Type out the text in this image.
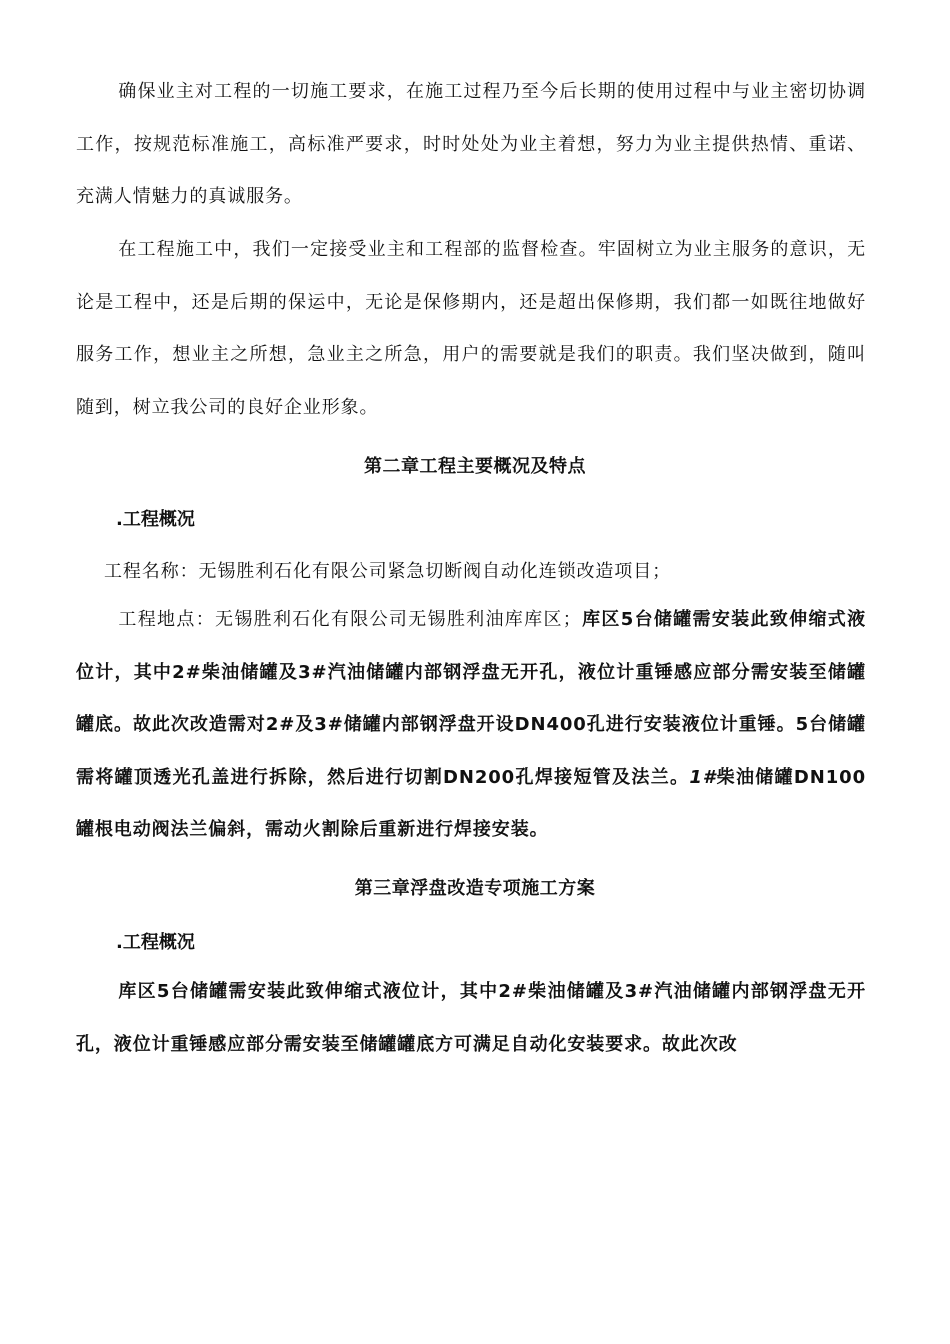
确保业主对工程的一切施工要求，在施工过程乃至今后长期的使用过程中与业主密切协调工作，按规范标准施工，高标准严要求，时时处处为业主着想，努力为业主提供热情、重诺、充满人情魅力的真诚服务。

在工程施工中，我们一定接受业主和工程部的监督检查。牢固树立为业主服务的意识，无论是工程中，还是后期的保运中，无论是保修期内，还是超出保修期，我们都一如既往地做好服务工作，想业主之所想，急业主之所急，用户的需要就是我们的职责。我们坚决做到，随叫随到，树立我公司的良好企业形象。

第二章工程主要概况及特点

.工程概况

工程名称：无锡胜利石化有限公司紧急切断阀自动化连锁改造项目；

工程地点：无锡胜利石化有限公司无锡胜利油库库区；库区5台储罐需安装此致伸缩式液位计，其中2#柴油储罐及3#汽油储罐内部钢浮盘无开孔，液位计重锤感应部分需安装至储罐罐底。故此次改造需对2#及3#储罐内部钢浮盘开设DN400孔进行安装液位计重锤。5台储罐需将罐顶透光孔盖进行拆除，然后进行切割DN200孔焊接短管及法兰。1#柴油储罐DN100罐根电动阀法兰偏斜，需动火割除后重新进行焊接安装。

第三章浮盘改造专项施工方案

.工程概况

库区5台储罐需安装此致伸缩式液位计，其中2#柴油储罐及3#汽油储罐内部钢浮盘无开孔，液位计重锤感应部分需安装至储罐罐底方可满足自动化安装要求。故此次改
